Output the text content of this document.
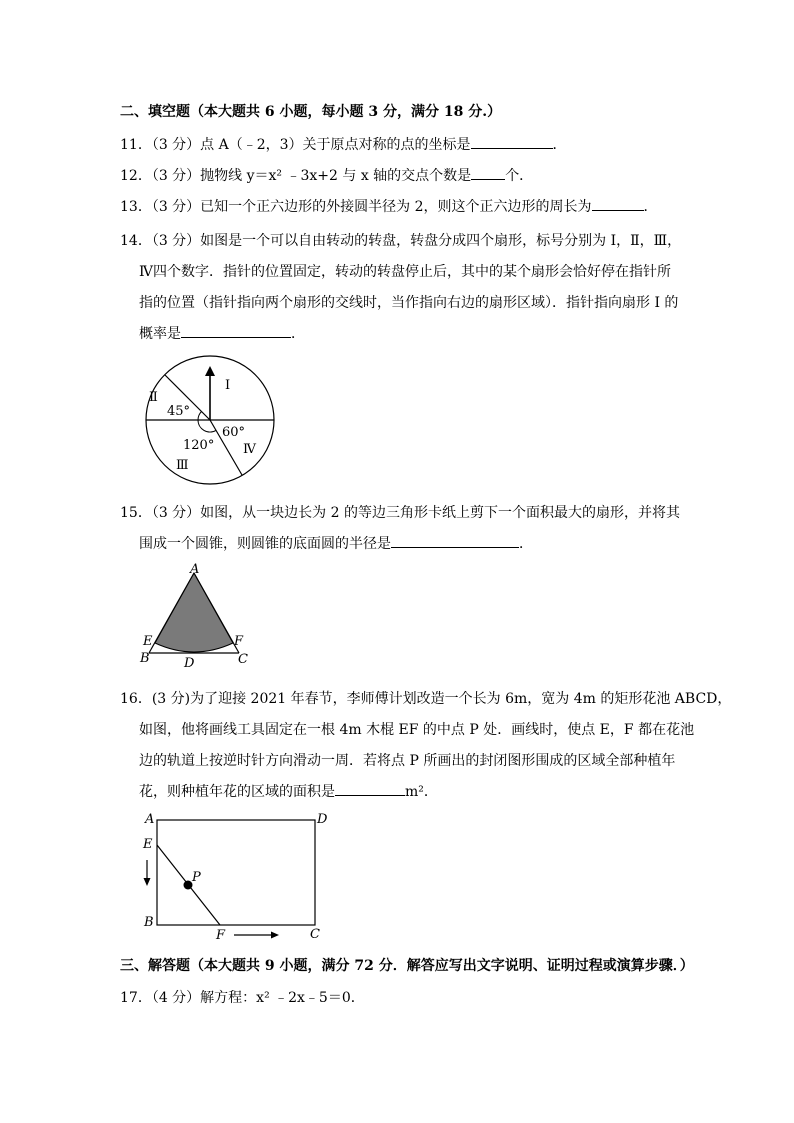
二、填空题（本大题共 6 小题，每小题 3 分，满分 18 分.）
11．（3 分）点 A（﹣2，3）关于原点对称的点的坐标是	．
12．（3 分）抛物线 y＝x² ﹣3x+2 与 x 轴的交点个数是 个．
13．（3 分）已知一个正六边形的外接圆半径为 2，则这个正六边形的周长为	．
14．（3 分）如图是一个可以自由转动的转盘，转盘分成四个扇形，标号分别为 Ⅰ，Ⅱ，Ⅲ，
Ⅳ四个数字．指针的位置固定，转动的转盘停止后，其中的某个扇形会恰好停在指针所
指的位置（指针指向两个扇形的交线时，当作指向右边的扇形区域）．指针指向扇形 Ⅰ 的
概率是	．
Ⅰ
Ⅱ
Ⅲ
Ⅳ
45°
120°
60°
15．（3 分）如图，从一块边长为 2 的等边三角形卡纸上剪下一个面积最大的扇形，并将其
围成一个圆锥，则圆锥的底面圆的半径是	．
A
B	C
D
E	F
16．(3 分)为了迎接 2021 年春节，李师傅计划改造一个长为 6m，宽为 4m 的矩形花池 ABCD，
如图，他将画线工具固定在一根 4m 木棍 EF 的中点 P 处．画线时，使点 E，F 都在花池
边的轨道上按逆时针方向滑动一周．若将点 P 所画出的封闭图形围成的区域全部种植年
花，则种植年花的区域的面积是	m²．
A
B
C
D
E
F
P
三、解答题（本大题共 9 小题，满分 72 分．解答应写出文字说明、证明过程或演算步骤．）
17．（4 分）解方程：x² ﹣2x﹣5＝0．
